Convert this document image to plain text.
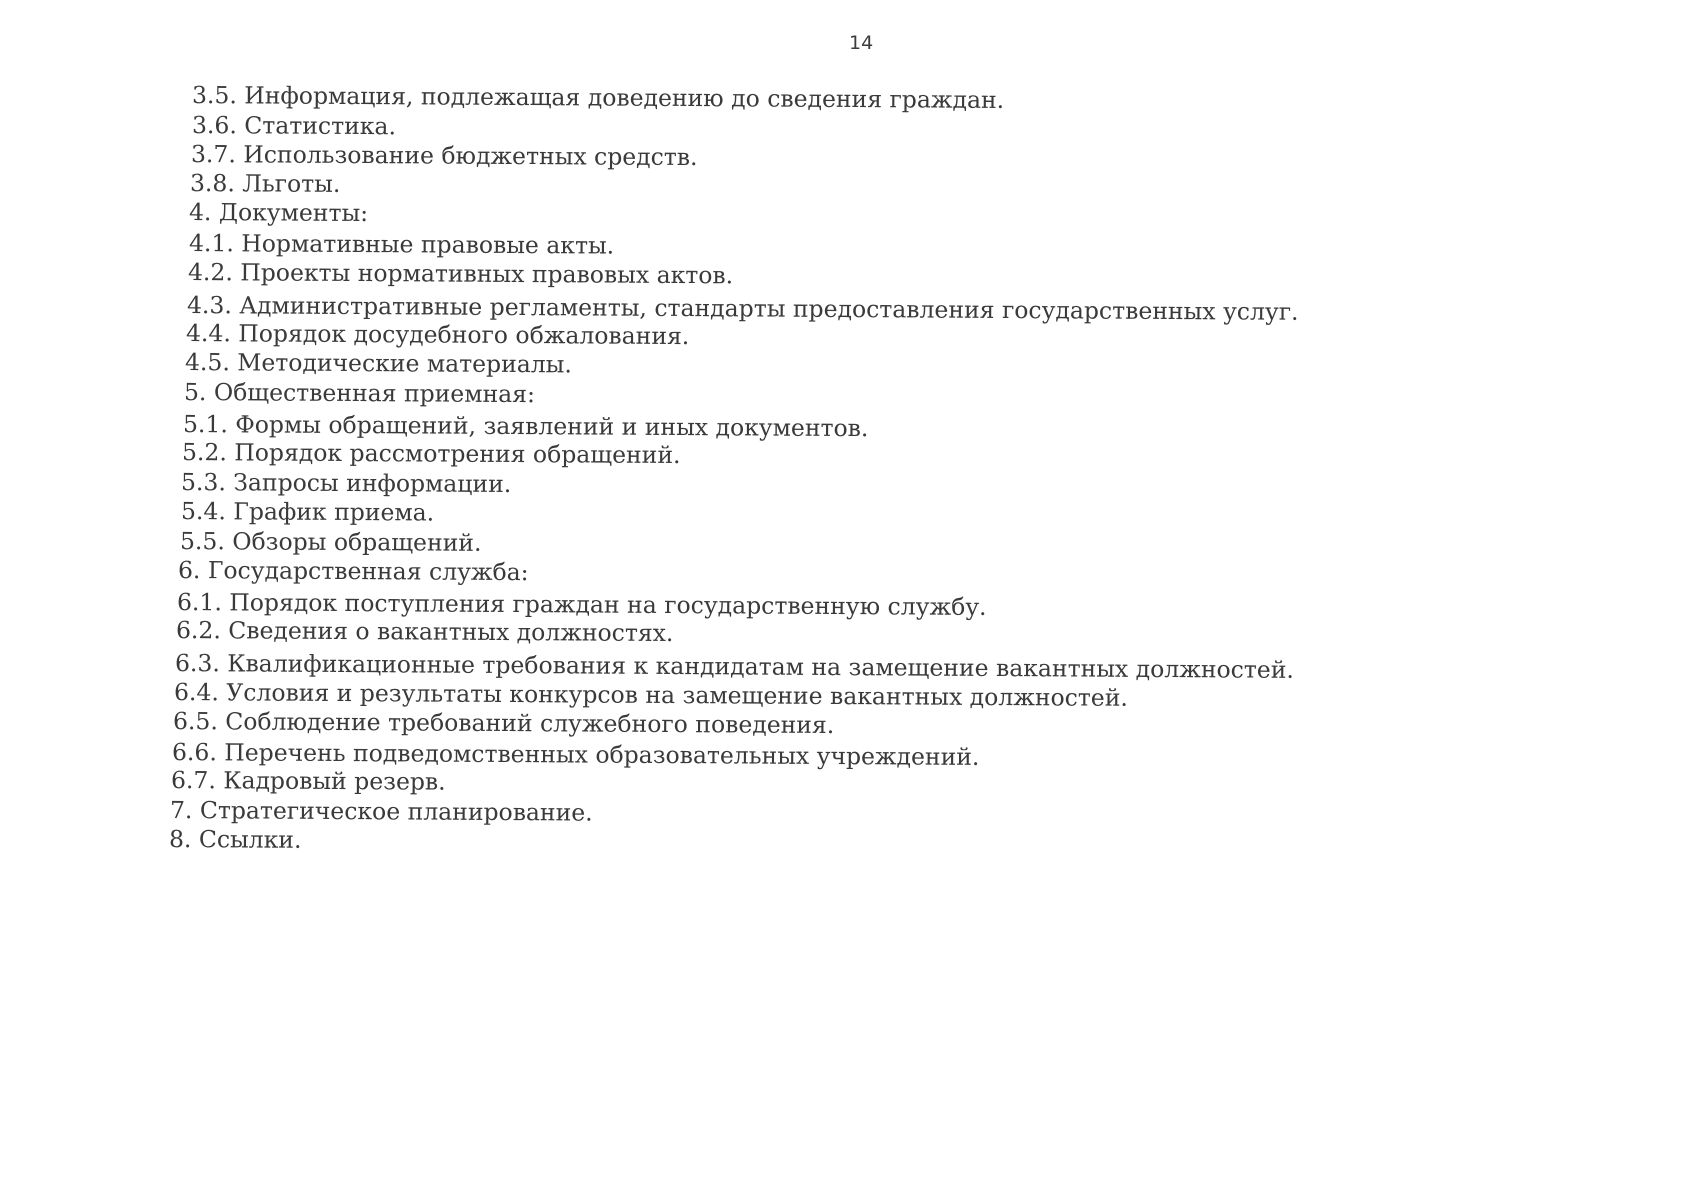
14
3.5. Информация, подлежащая доведению до сведения граждан.
3.6. Статистика.
3.7. Использование бюджетных средств.
3.8. Льготы.
4. Документы:
4.1. Нормативные правовые акты.
4.2. Проекты нормативных правовых актов.
4.3. Административные регламенты, стандарты предоставления государственных услуг.
4.4. Порядок досудебного обжалования.
4.5. Методические материалы.
5. Общественная приемная:
5.1. Формы обращений, заявлений и иных документов.
5.2. Порядок рассмотрения обращений.
5.3. Запросы информации.
5.4. График приема.
5.5. Обзоры обращений.
6. Государственная служба:
6.1. Порядок поступления граждан на государственную службу.
6.2. Сведения о вакантных должностях.
6.3. Квалификационные требования к кандидатам на замещение вакантных должностей.
6.4. Условия и результаты конкурсов на замещение вакантных должностей.
6.5. Соблюдение требований служебного поведения.
6.6. Перечень подведомственных образовательных учреждений.
6.7. Кадровый резерв.
7. Стратегическое планирование.
8. Ссылки.
